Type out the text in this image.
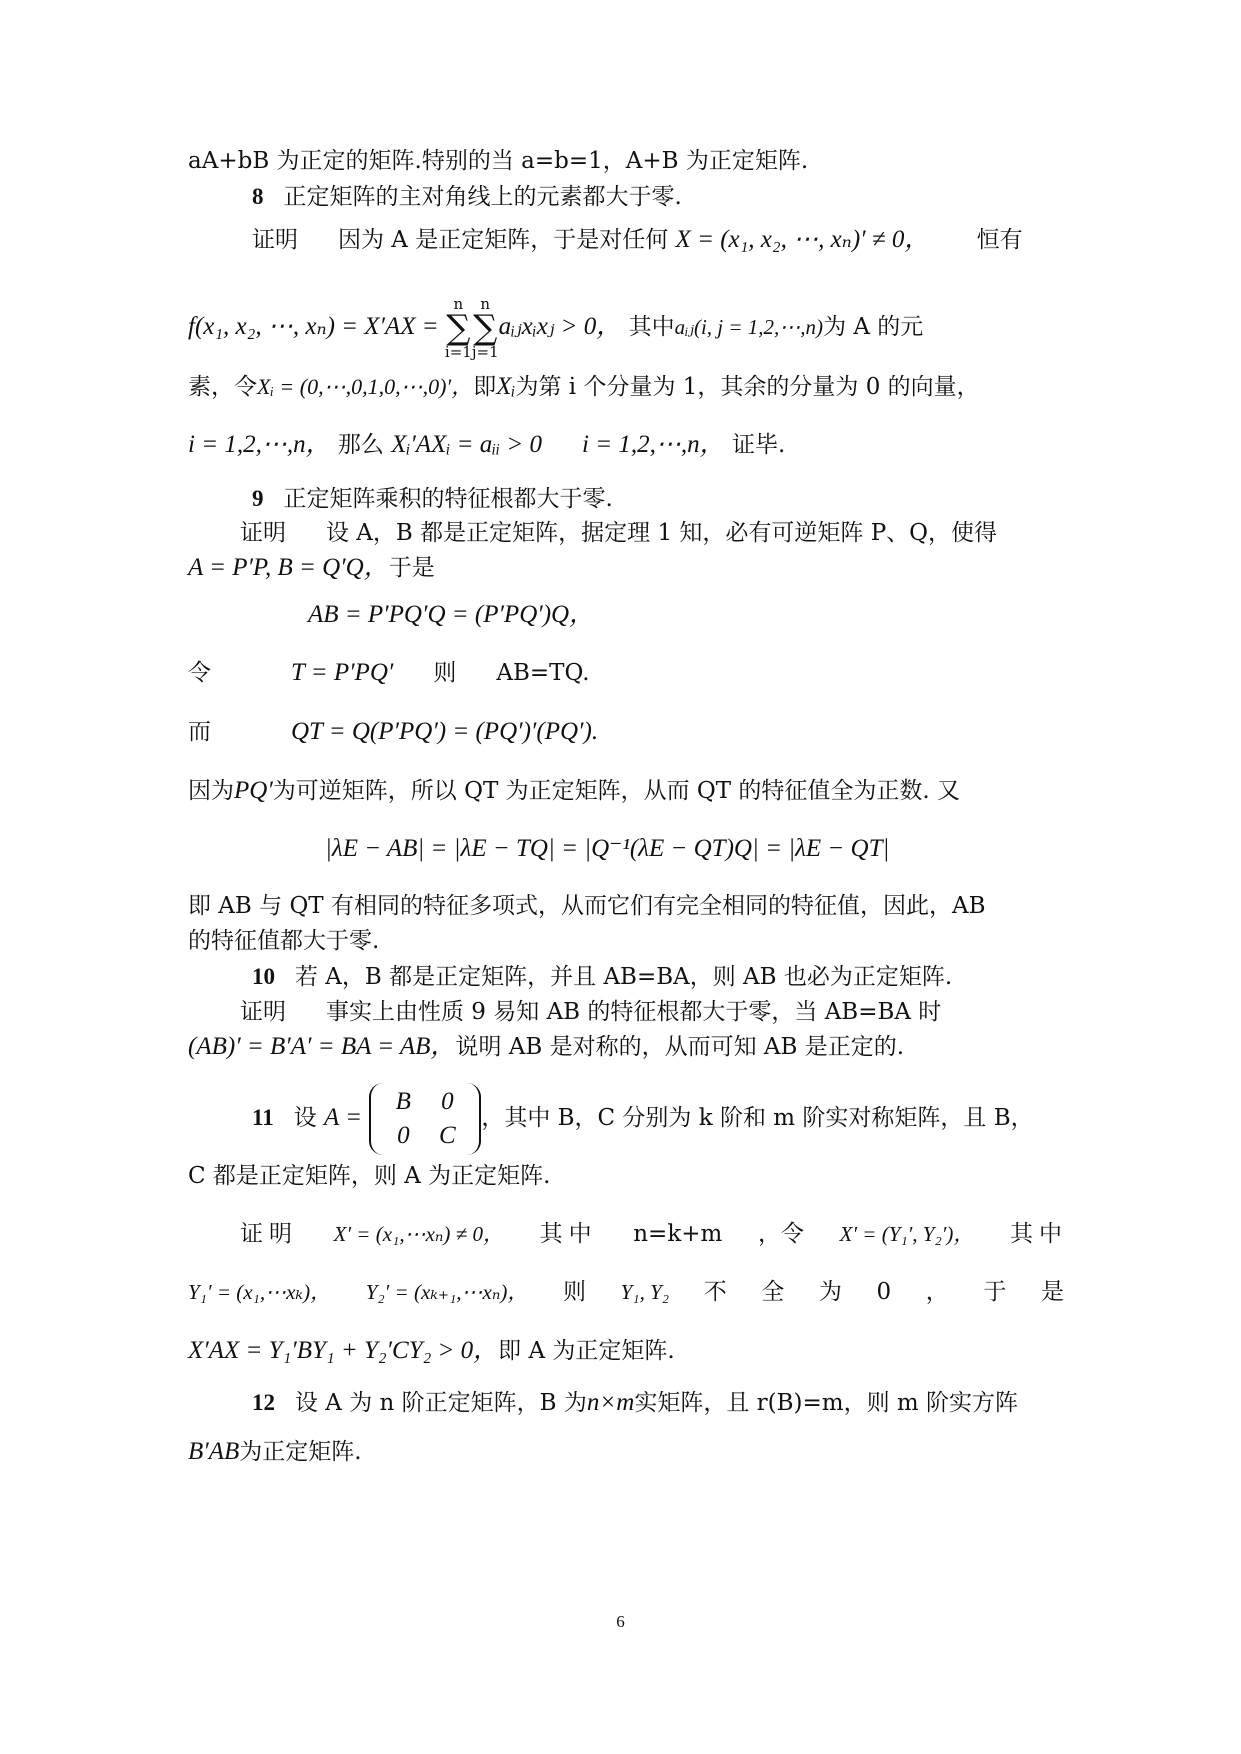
aA+bB 为正定的矩阵.特别的当 a=b=1，A+B 为正定矩阵.
8 正定矩阵的主对角线上的元素都大于零.
证明 因为 A 是正定矩阵，于是对任何 X = (x₁, x₂, ⋯, xₙ)′ ≠ 0， 恒有
f(x₁, x₂, ⋯, xₙ) = X′AX = n
∑
i=1n
∑
j=1aᵢⱼxᵢxⱼ > 0， 其中aᵢⱼ(i, j = 1,2,⋯,n)为 A 的元
素，令Xᵢ = (0,⋯,0,1,0,⋯,0)′，即Xᵢ为第 i 个分量为 1，其余的分量为 0 的向量，
i = 1,2,⋯,n， 那么 Xᵢ′AXᵢ = aᵢᵢ > 0 i = 1,2,⋯,n， 证毕.
9 正定矩阵乘积的特征根都大于零.
证明 设 A，B 都是正定矩阵，据定理 1 知，必有可逆矩阵 P、Q，使得
A = P′P, B = Q′Q，于是
AB = P′PQ′Q = (P′PQ′)Q，
令	T = P′PQ′ 则 AB=TQ.
而	QT = Q(P′PQ′) = (PQ′)′(PQ′).
因为PQ′为可逆矩阵，所以 QT 为正定矩阵，从而 QT 的特征值全为正数. 又
|λE − AB| = |λE − TQ| = |Q⁻¹(λE − QT)Q| = |λE − QT|
即 AB 与 QT 有相同的特征多项式，从而它们有完全相同的特征值，因此，AB
的特征值都大于零.
10 若 A，B 都是正定矩阵，并且 AB=BA，则 AB 也必为正定矩阵.
证明 事实上由性质 9 易知 AB 的特征根都大于零，当 AB=BA 时
(AB)′ = B′A′ = BA = AB，说明 AB 是对称的，从而可知 AB 是正定的.
11 设 A = B 0
0 C，其中 B，C 分别为 k 阶和 m 阶实对称矩阵，且 B，
C 都是正定矩阵，则 A 为正定矩阵.
证明 X′ = (x₁,⋯xₙ) ≠ 0， 其中 n=k+m ，令 X′ = (Y₁′, Y₂′)， 其中
Y₁′ = (x₁,⋯xₖ)， Y₂′ = (xₖ₊₁,⋯xₙ)， 则 Y₁, Y₂ 不 全 为 0 ， 于 是
X′AX = Y₁′BY₁ + Y₂′CY₂ > 0，即 A 为正定矩阵.
12 设 A 为 n 阶正定矩阵，B 为n×m实矩阵，且 r(B)=m，则 m 阶实方阵
B′AB为正定矩阵.
6
